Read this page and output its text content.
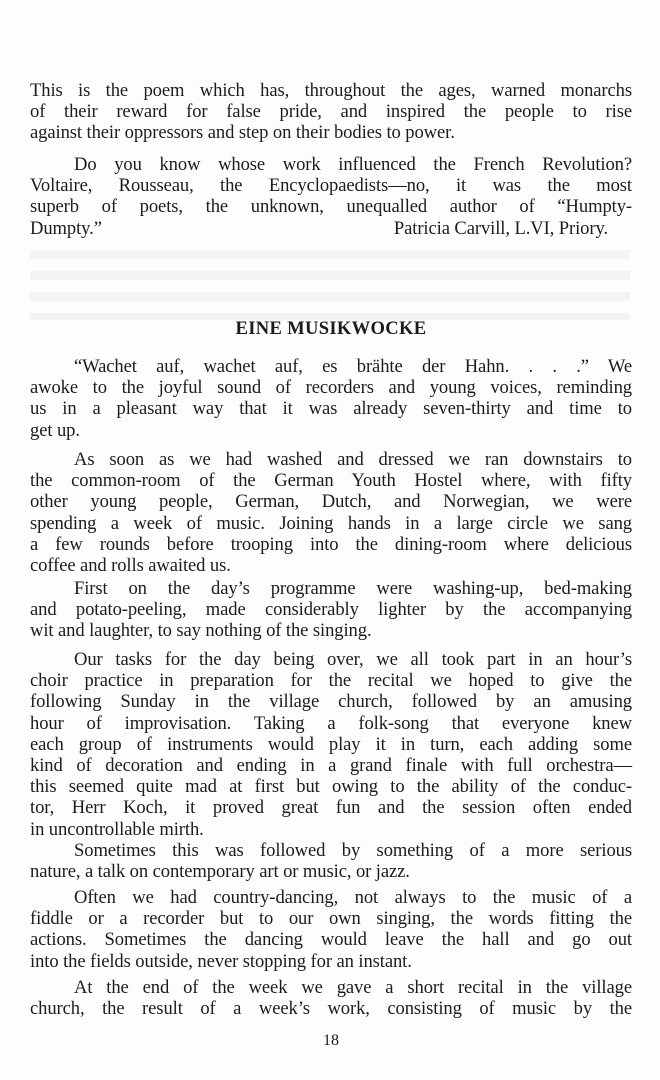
This is the poem which has, throughout the ages, warned monarchs
of their reward for false pride, and inspired the people to rise
against their oppressors and step on their bodies to power.
Do you know whose work influenced the French Revolution?
Voltaire, Rousseau, the Encyclopaedists—no, it was the most
superb of poets, the unknown, unequalled author of “Humpty-
Dumpty.”	Patricia Carvill, L.VI, Priory.
EINE MUSIKWOCKE
“Wachet auf, wachet auf, es brähte der Hahn. . . .” We
awoke to the joyful sound of recorders and young voices, reminding
us in a pleasant way that it was already seven-thirty and time to
get up.
As soon as we had washed and dressed we ran downstairs to
the common-room of the German Youth Hostel where, with fifty
other young people, German, Dutch, and Norwegian, we were
spending a week of music. Joining hands in a large circle we sang
a few rounds before trooping into the dining-room where delicious
coffee and rolls awaited us.
First on the day’s programme were washing-up, bed-making
and potato-peeling, made considerably lighter by the accompanying
wit and laughter, to say nothing of the singing.
Our tasks for the day being over, we all took part in an hour’s
choir practice in preparation for the recital we hoped to give the
following Sunday in the village church, followed by an amusing
hour of improvisation. Taking a folk-song that everyone knew
each group of instruments would play it in turn, each adding some
kind of decoration and ending in a grand finale with full orchestra—
this seemed quite mad at first but owing to the ability of the conduc-
tor, Herr Koch, it proved great fun and the session often ended
in uncontrollable mirth.
Sometimes this was followed by something of a more serious
nature, a talk on contemporary art or music, or jazz.
Often we had country-dancing, not always to the music of a
fiddle or a recorder but to our own singing, the words fitting the
actions. Sometimes the dancing would leave the hall and go out
into the fields outside, never stopping for an instant.
At the end of the week we gave a short recital in the village
church, the result of a week’s work, consisting of music by the
18
